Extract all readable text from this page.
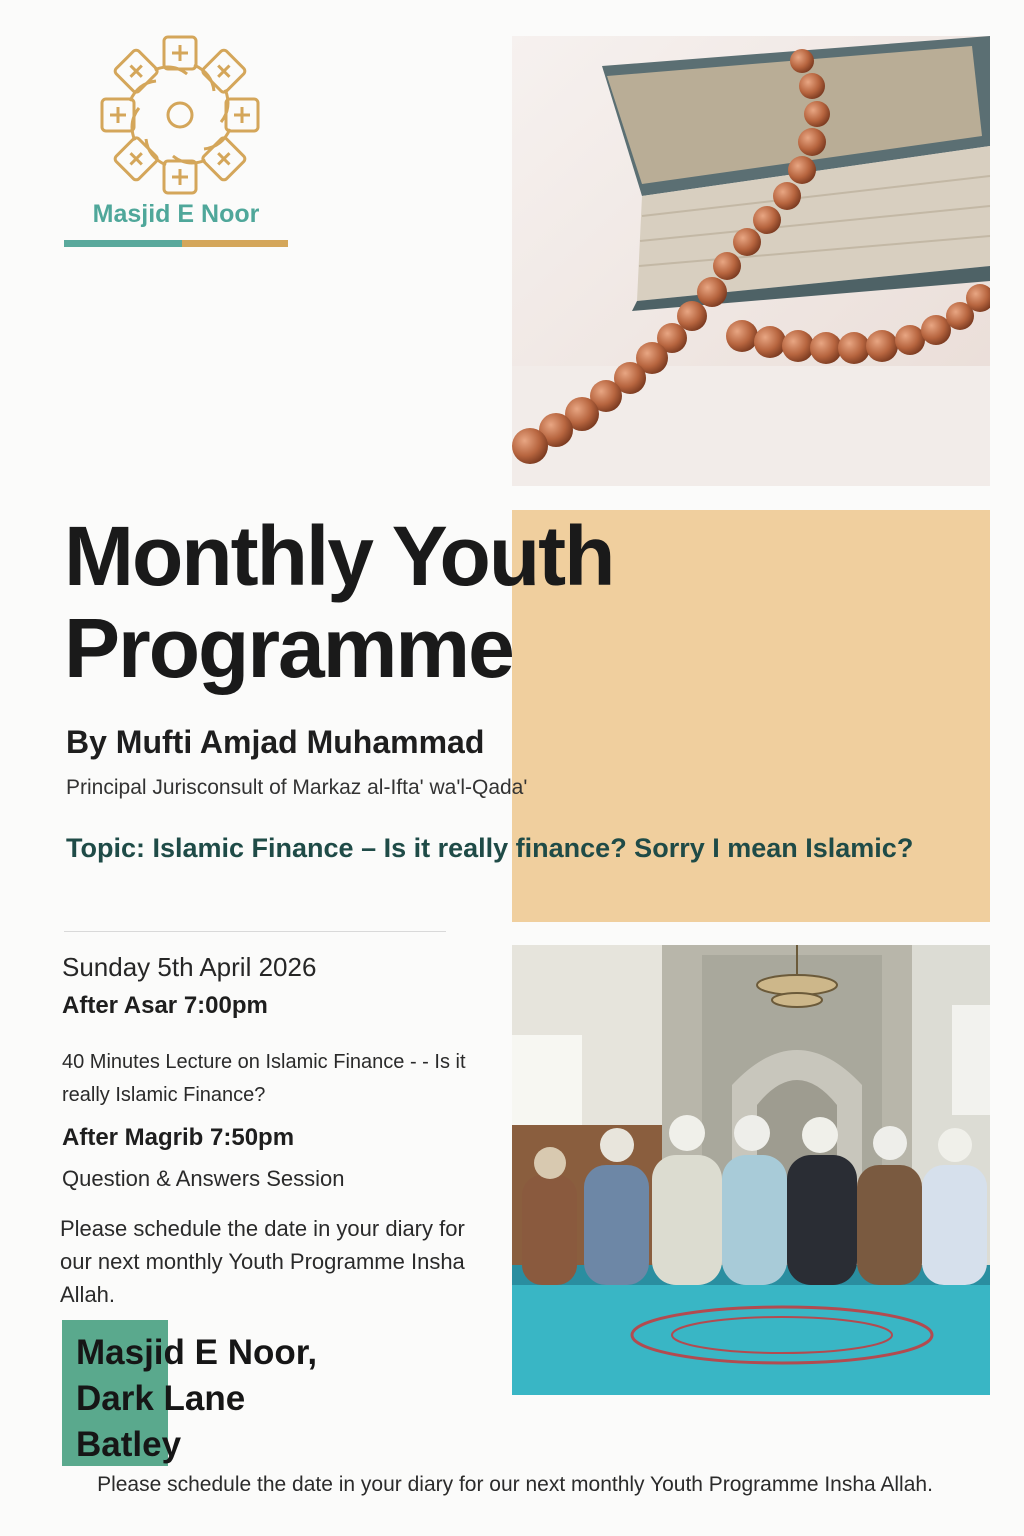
Masjid E Noor
Monthly Youth
Programme
By Mufti Amjad Muhammad
Principal Jurisconsult of Markaz al-Ifta' wa'l-Qada'
Topic: Islamic Finance – Is it really finance? Sorry I mean Islamic?
Sunday 5th April 2026
After Asar 7:00pm
40 Minutes Lecture on Islamic Finance - - Is it really Islamic Finance?
After Magrib 7:50pm
Question & Answers Session
Please schedule the date in your diary for our next monthly Youth Programme Insha Allah.
Masjid E Noor,
Dark Lane
Batley
Please schedule the date in your diary for our next monthly Youth Programme Insha Allah.
